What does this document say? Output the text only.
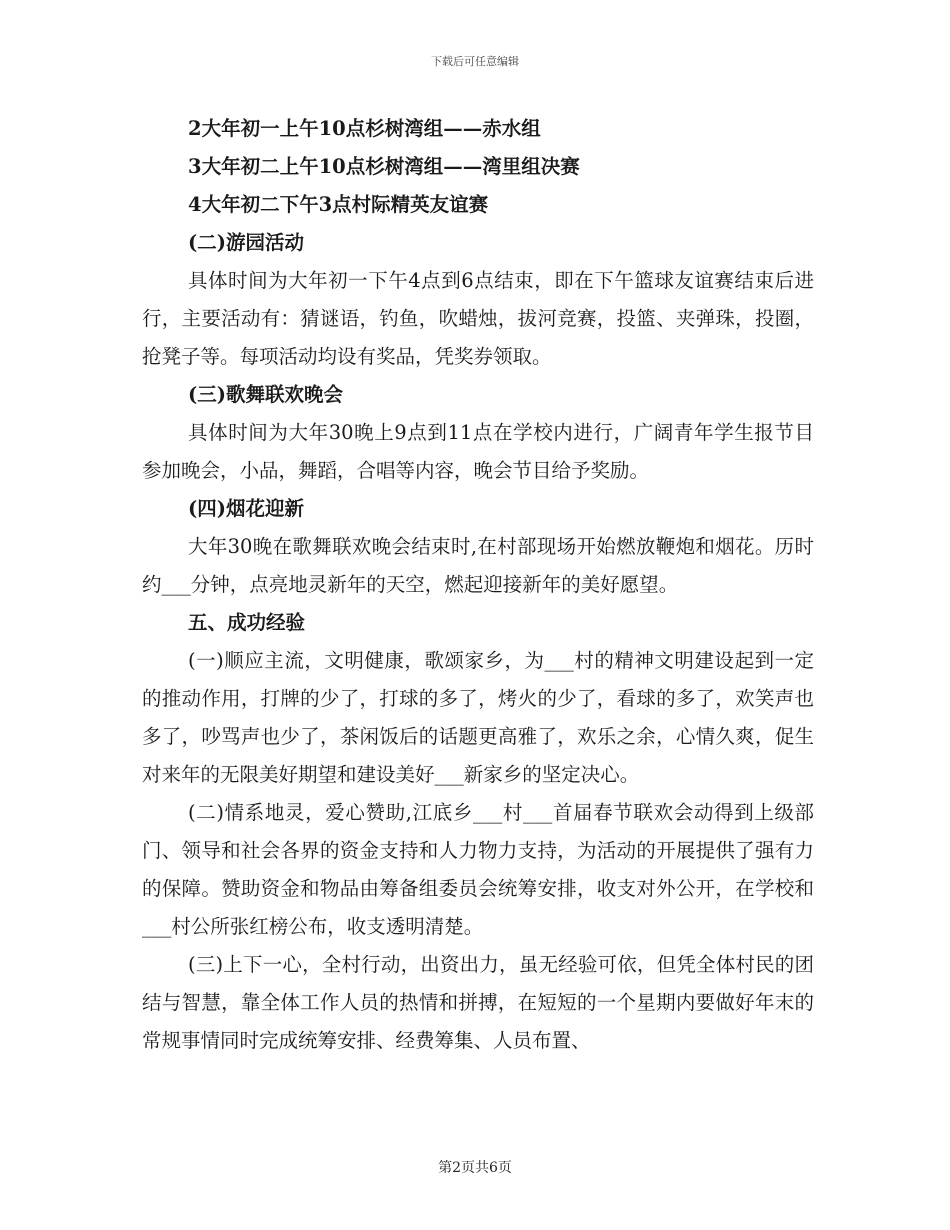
下载后可任意编辑
2大年初一上午10点杉树湾组——赤水组
3大年初二上午10点杉树湾组——湾里组决赛
4大年初二下午3点村际精英友谊赛
(二)游园活动

具体时间为大年初一下午4点到6点结束，即在下午篮球友谊赛结束后进行，主要活动有：猜谜语，钓鱼，吹蜡烛，拔河竞赛，投篮、夹弹珠，投圈，抢凳子等。每项活动均设有奖品，凭奖券领取。

(三)歌舞联欢晚会

具体时间为大年30晚上9点到11点在学校内进行，广阔青年学生报节目参加晚会，小品，舞蹈，合唱等内容，晚会节目给予奖励。

(四)烟花迎新

大年30晚在歌舞联欢晚会结束时,在村部现场开始燃放鞭炮和烟花。历时约___分钟，点亮地灵新年的天空，燃起迎接新年的美好愿望。

五、成功经验

(一)顺应主流，文明健康，歌颂家乡，为___村的精神文明建设起到一定的推动作用，打牌的少了，打球的多了，烤火的少了，看球的多了，欢笑声也多了，吵骂声也少了，茶闲饭后的话题更高雅了，欢乐之余，心情久爽，促生对来年的无限美好期望和建设美好___新家乡的坚定决心。

(二)情系地灵，爱心赞助,江底乡___村___首届春节联欢会动得到上级部门、领导和社会各界的资金支持和人力物力支持，为活动的开展提供了强有力的保障。赞助资金和物品由筹备组委员会统筹安排，收支对外公开，在学校和___村公所张红榜公布，收支透明清楚。

(三)上下一心，全村行动，出资出力，虽无经验可依，但凭全体村民的团结与智慧，靠全体工作人员的热情和拼搏，在短短的一个星期内要做好年末的常规事情同时完成统筹安排、经费筹集、人员布置、

第2页共6页
